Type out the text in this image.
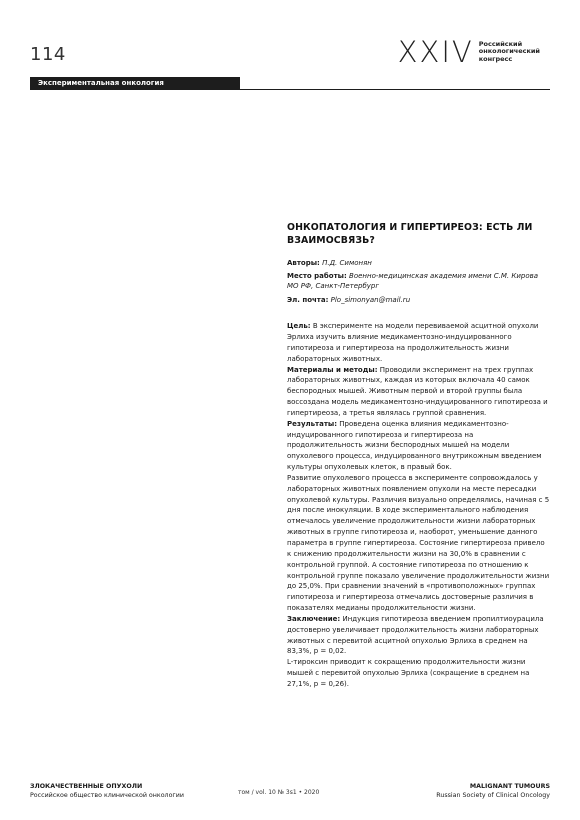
114	XXIV Российский
онкологический
конгресс
Экспериментальная онкология
ОНКОПАТОЛОГИЯ И ГИПЕРТИРЕОЗ: ЕСТЬ ЛИ ВЗАИМОСВЯЗЬ?
Авторы: П.Д. Симонян
Место работы: Военно-медицинская академия имени С.М. Кирова МО РФ, Санкт-Петербург
Эл. почта: Plo_simonyan@mail.ru

Цель: В эксперименте на модели перевиваемой асцитной опухоли Эрлиха изучить влияние медикаментозно-индуцированного гипотиреоза и гипертиреоза на продолжительность жизни лабораторных животных.

Материалы и методы: Проводили эксперимент на трех группах лабораторных животных, каждая из которых включала 40 самок беспородных мышей. Животным первой и второй группы была воссоздана модель медикаментозно-индуцированного гипотиреоза и гипертиреоза, а третья являлась группой сравнения.

Результаты: Проведена оценка влияния медикаментозно-индуцированного гипотиреоза и гипертиреоза на продолжительность жизни беспородных мышей на модели опухолевого процесса, индуцированного внутрикожным введением культуры опухолевых клеток, в правый бок.

Развитие опухолевого процесса в эксперименте сопровождалось у лабораторных животных появлением опухоли на месте пересадки опухолевой культуры. Различия визуально определялись, начиная с 5 дня после инокуляции. В ходе экспериментального наблюдения отмечалось увеличение продолжительности жизни лабораторных животных в группе гипотиреоза и, наоборот, уменьшение данного параметра в группе гипертиреоза. Состояние гипертиреоза привело к снижению продолжительности жизни на 30,0% в сравнении с контрольной группой. А состояние гипотиреоза по отношению к контрольной группе показало увеличение продолжительности жизни до 25,0%. При сравнении значений в «противоположных» группах гипотиреоза и гипертиреоза отмечались достоверные различия в показателях медианы продолжительности жизни.

Заключение: Индукция гипотиреоза введением пропилтиоурацила достоверно увеличивает продолжительность жизни лабораторных животных с перевитой асцитной опухолью Эрлиха в среднем на 83,3%, p = 0,02.

L-тироксин приводит к сокращению продолжительности жизни мышей с перевитой опухолью Эрлиха (сокращение в среднем на 27,1%, p = 0,26).

ЗЛОКАЧЕСТВЕННЫЕ ОПУХОЛИ
Российское общество клинической онкологии	том / vol. 10 № 3s1 • 2020
MALIGNANT TUMOURS
Russian Society of Clinical Oncology
